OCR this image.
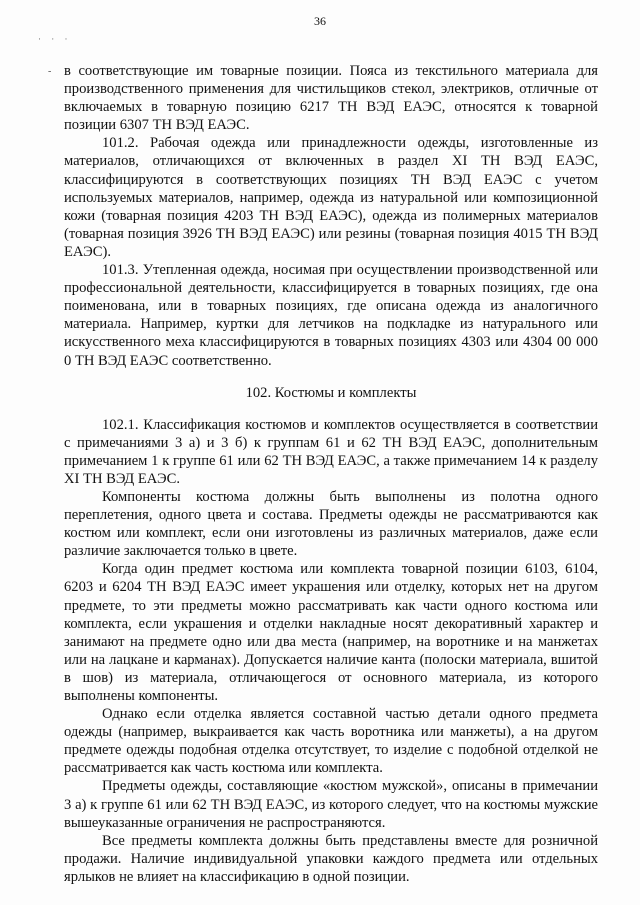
36
· · ·
- в соответствующие им товарные позиции. Пояса из текстильного материала для производственного применения для чистильщиков стекол, электриков, отличные от включаемых в товарную позицию 6217 ТН ВЭД ЕАЭС, относятся к товарной позиции 6307 ТН ВЭД ЕАЭС.

101.2. Рабочая одежда или принадлежности одежды, изготовленные из материалов, отличающихся от включенных в раздел XI ТН ВЭД ЕАЭС, классифицируются в соответствующих позициях ТН ВЭД ЕАЭС с учетом используемых материалов, например, одежда из натуральной или композиционной кожи (товарная позиция 4203 ТН ВЭД ЕАЭС), одежда из полимерных материалов (товарная позиция 3926 ТН ВЭД ЕАЭС) или резины (товарная позиция 4015 ТН ВЭД ЕАЭС).

101.3. Утепленная одежда, носимая при осуществлении производственной или профессиональной деятельности, классифицируется в товарных позициях, где она поименована, или в товарных позициях, где описана одежда из аналогичного материала. Например, куртки для летчиков на подкладке из натурального или искусственного меха классифицируются в товарных позициях 4303 или 4304 00 000 0 ТН ВЭД ЕАЭС соответственно.

102. Костюмы и комплекты

102.1. Классификация костюмов и комплектов осуществляется в соответствии с примечаниями 3 а) и 3 б) к группам 61 и 62 ТН ВЭД ЕАЭС, дополнительным примечанием 1 к группе 61 или 62 ТН ВЭД ЕАЭС, а также примечанием 14 к разделу XI ТН ВЭД ЕАЭС.

Компоненты костюма должны быть выполнены из полотна одного переплетения, одного цвета и состава. Предметы одежды не рассматриваются как костюм или комплект, если они изготовлены из различных материалов, даже если различие заключается только в цвете.

Когда один предмет костюма или комплекта товарной позиции 6103, 6104, 6203 и 6204 ТН ВЭД ЕАЭС имеет украшения или отделку, которых нет на другом предмете, то эти предметы можно рассматривать как части одного костюма или комплекта, если украшения и отделки накладные носят декоративный характер и занимают на предмете одно или два места (например, на воротнике и на манжетах или на лацкане и карманах). Допускается наличие канта (полоски материала, вшитой в шов) из материала, отличающегося от основного материала, из которого выполнены компоненты.

Однако если отделка является составной частью детали одного предмета одежды (например, выкраивается как часть воротника или манжеты), а на другом предмете одежды подобная отделка отсутствует, то изделие с подобной отделкой не рассматривается как часть костюма или комплекта.

Предметы одежды, составляющие «костюм мужской», описаны в примечании 3 а) к группе 61 или 62 ТН ВЭД ЕАЭС, из которого следует, что на костюмы мужские вышеуказанные ограничения не распространяются.

Все предметы комплекта должны быть представлены вместе для розничной продажи. Наличие индивидуальной упаковки каждого предмета или отдельных ярлыков не влияет на классификацию в одной позиции.
